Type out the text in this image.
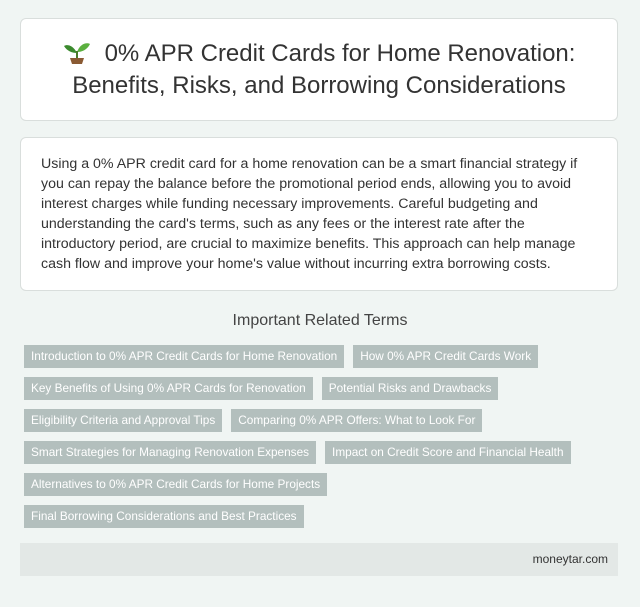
0% APR Credit Cards for Home Renovation:
Benefits, Risks, and Borrowing Considerations

Using a 0% APR credit card for a home renovation can be a smart financial strategy if you can repay the balance before the promotional period ends, allowing you to avoid interest charges while funding necessary improvements. Careful budgeting and understanding the card's terms, such as any fees or the interest rate after the introductory period, are crucial to maximize benefits. This approach can help manage cash flow and improve your home's value without incurring extra borrowing costs.

Important Related Terms
Introduction to 0% APR Credit Cards for Home Renovation	How 0% APR Credit Cards Work
Key Benefits of Using 0% APR Cards for Renovation	Potential Risks and Drawbacks
Eligibility Criteria and Approval Tips	Comparing 0% APR Offers: What to Look For
Smart Strategies for Managing Renovation Expenses	Impact on Credit Score and Financial Health
Alternatives to 0% APR Credit Cards for Home Projects
Final Borrowing Considerations and Best Practices
moneytar.com
